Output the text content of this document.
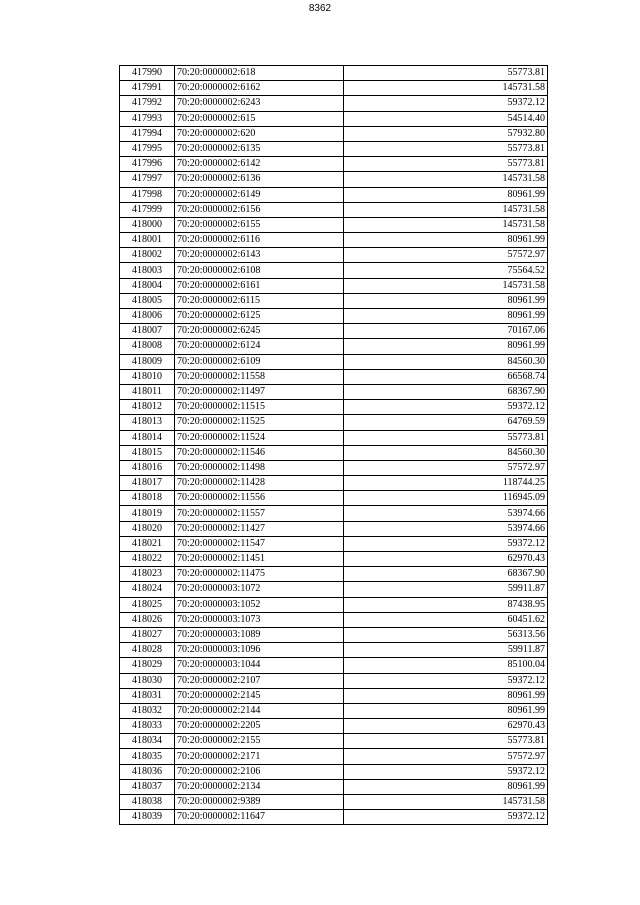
8362
417990	70:20:0000002:618	55773.81
417991	70:20:0000002:6162	145731.58
417992	70:20:0000002:6243	59372.12
417993	70:20:0000002:615	54514.40
417994	70:20:0000002:620	57932.80
417995	70:20:0000002:6135	55773.81
417996	70:20:0000002:6142	55773.81
417997	70:20:0000002:6136	145731.58
417998	70:20:0000002:6149	80961.99
417999	70:20:0000002:6156	145731.58
418000	70:20:0000002:6155	145731.58
418001	70:20:0000002:6116	80961.99
418002	70:20:0000002:6143	57572.97
418003	70:20:0000002:6108	75564.52
418004	70:20:0000002:6161	145731.58
418005	70:20:0000002:6115	80961.99
418006	70:20:0000002:6125	80961.99
418007	70:20:0000002:6245	70167.06
418008	70:20:0000002:6124	80961.99
418009	70:20:0000002:6109	84560.30
418010	70:20:0000002:11558	66568.74
418011	70:20:0000002:11497	68367.90
418012	70:20:0000002:11515	59372.12
418013	70:20:0000002:11525	64769.59
418014	70:20:0000002:11524	55773.81
418015	70:20:0000002:11546	84560.30
418016	70:20:0000002:11498	57572.97
418017	70:20:0000002:11428	118744.25
418018	70:20:0000002:11556	116945.09
418019	70:20:0000002:11557	53974.66
418020	70:20:0000002:11427	53974.66
418021	70:20:0000002:11547	59372.12
418022	70:20:0000002:11451	62970.43
418023	70:20:0000002:11475	68367.90
418024	70:20:0000003:1072	59911.87
418025	70:20:0000003:1052	87438.95
418026	70:20:0000003:1073	60451.62
418027	70:20:0000003:1089	56313.56
418028	70:20:0000003:1096	59911.87
418029	70:20:0000003:1044	85100.04
418030	70:20:0000002:2107	59372.12
418031	70:20:0000002:2145	80961.99
418032	70:20:0000002:2144	80961.99
418033	70:20:0000002:2205	62970.43
418034	70:20:0000002:2155	55773.81
418035	70:20:0000002:2171	57572.97
418036	70:20:0000002:2106	59372.12
418037	70:20:0000002:2134	80961.99
418038	70:20:0000002:9389	145731.58
418039	70:20:0000002:11647	59372.12
